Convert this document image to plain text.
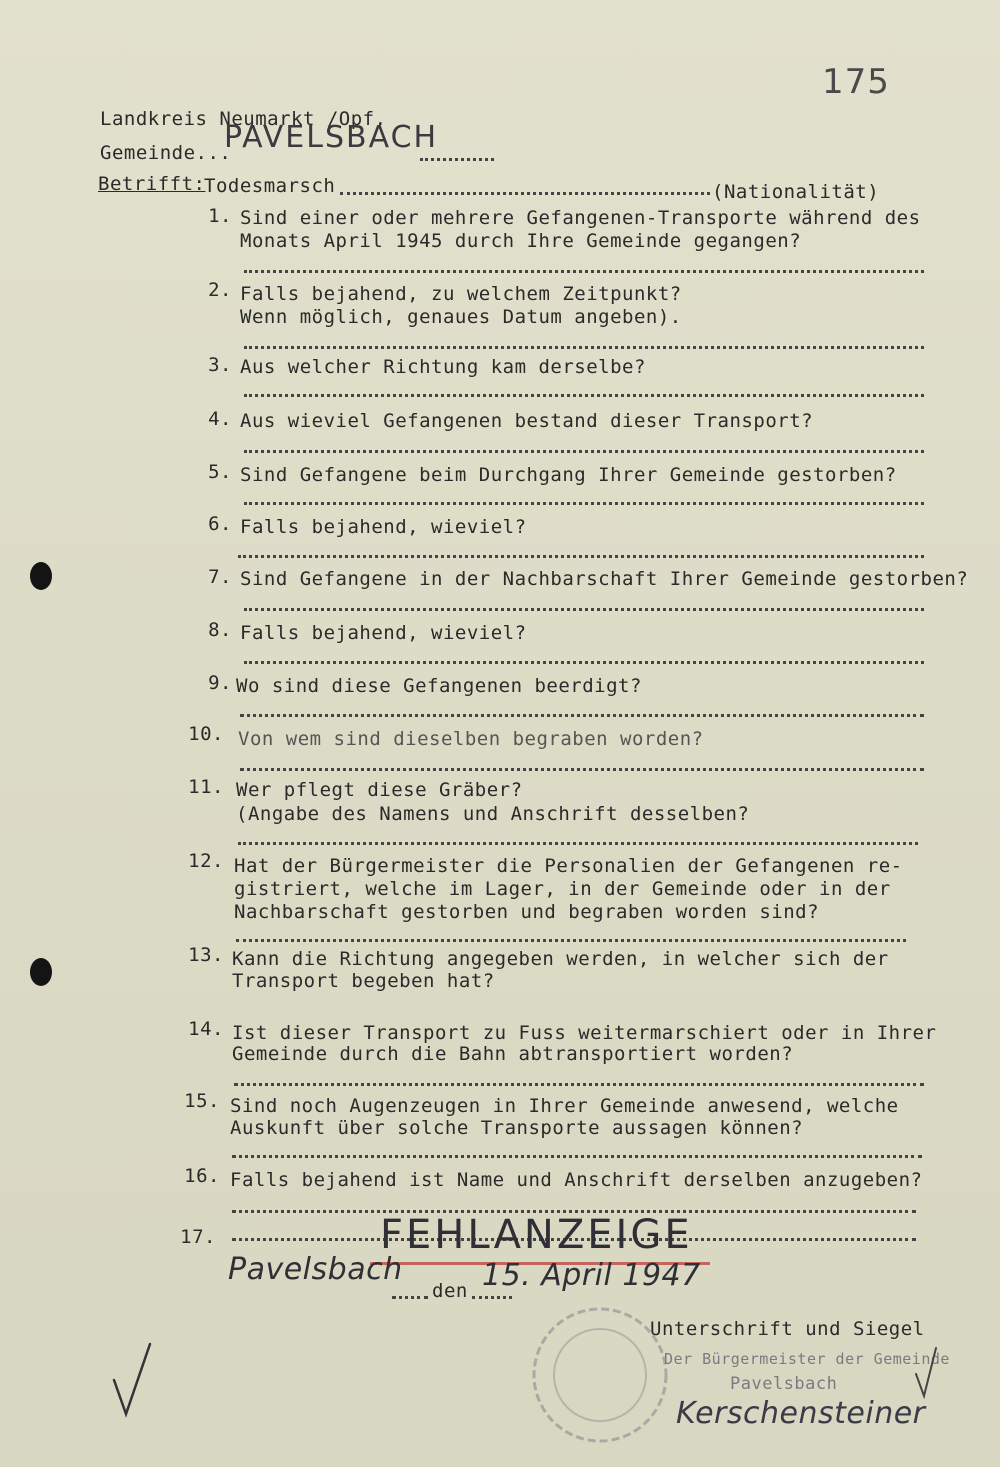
175
Landkreis Neumarkt /Opf.
Gemeinde...
PAVELSBACH
Betrifft:
Todesmarsch	(Nationalität)
1. Sind einer oder mehrere Gefangenen-Transporte während des
Monats April 1945 durch Ihre Gemeinde gegangen?
2. Falls bejahend, zu welchem Zeitpunkt?
Wenn möglich, genaues Datum angeben).
3. Aus welcher Richtung kam derselbe?
4. Aus wieviel Gefangenen bestand dieser Transport?
5. Sind Gefangene beim Durchgang Ihrer Gemeinde gestorben?
6. Falls bejahend, wieviel?
7. Sind Gefangene in der Nachbarschaft Ihrer Gemeinde gestorben?
8. Falls bejahend, wieviel?
9. Wo sind diese Gefangenen beerdigt?
10. Von wem sind dieselben begraben worden?
11. Wer pflegt diese Gräber?
(Angabe des Namens und Anschrift desselben?
12. Hat der Bürgermeister die Personalien der Gefangenen re-
gistriert, welche im Lager, in der Gemeinde oder in der
Nachbarschaft gestorben und begraben worden sind?
13. Kann die Richtung angegeben werden, in welcher sich der
Transport begeben hat?
14. Ist dieser Transport zu Fuss weitermarschiert oder in Ihrer
Gemeinde durch die Bahn abtransportiert worden?
15. Sind noch Augenzeugen in Ihrer Gemeinde anwesend, welche
Auskunft über solche Transporte aussagen können?
16. Falls bejahend ist Name und Anschrift derselben anzugeben?
17.	FEHLANZEIGE
Pavelsbach
den 15. April 1947
Unterschrift und Siegel
Der Bürgermeister der Gemeinde
Pavelsbach
Kerschensteiner
